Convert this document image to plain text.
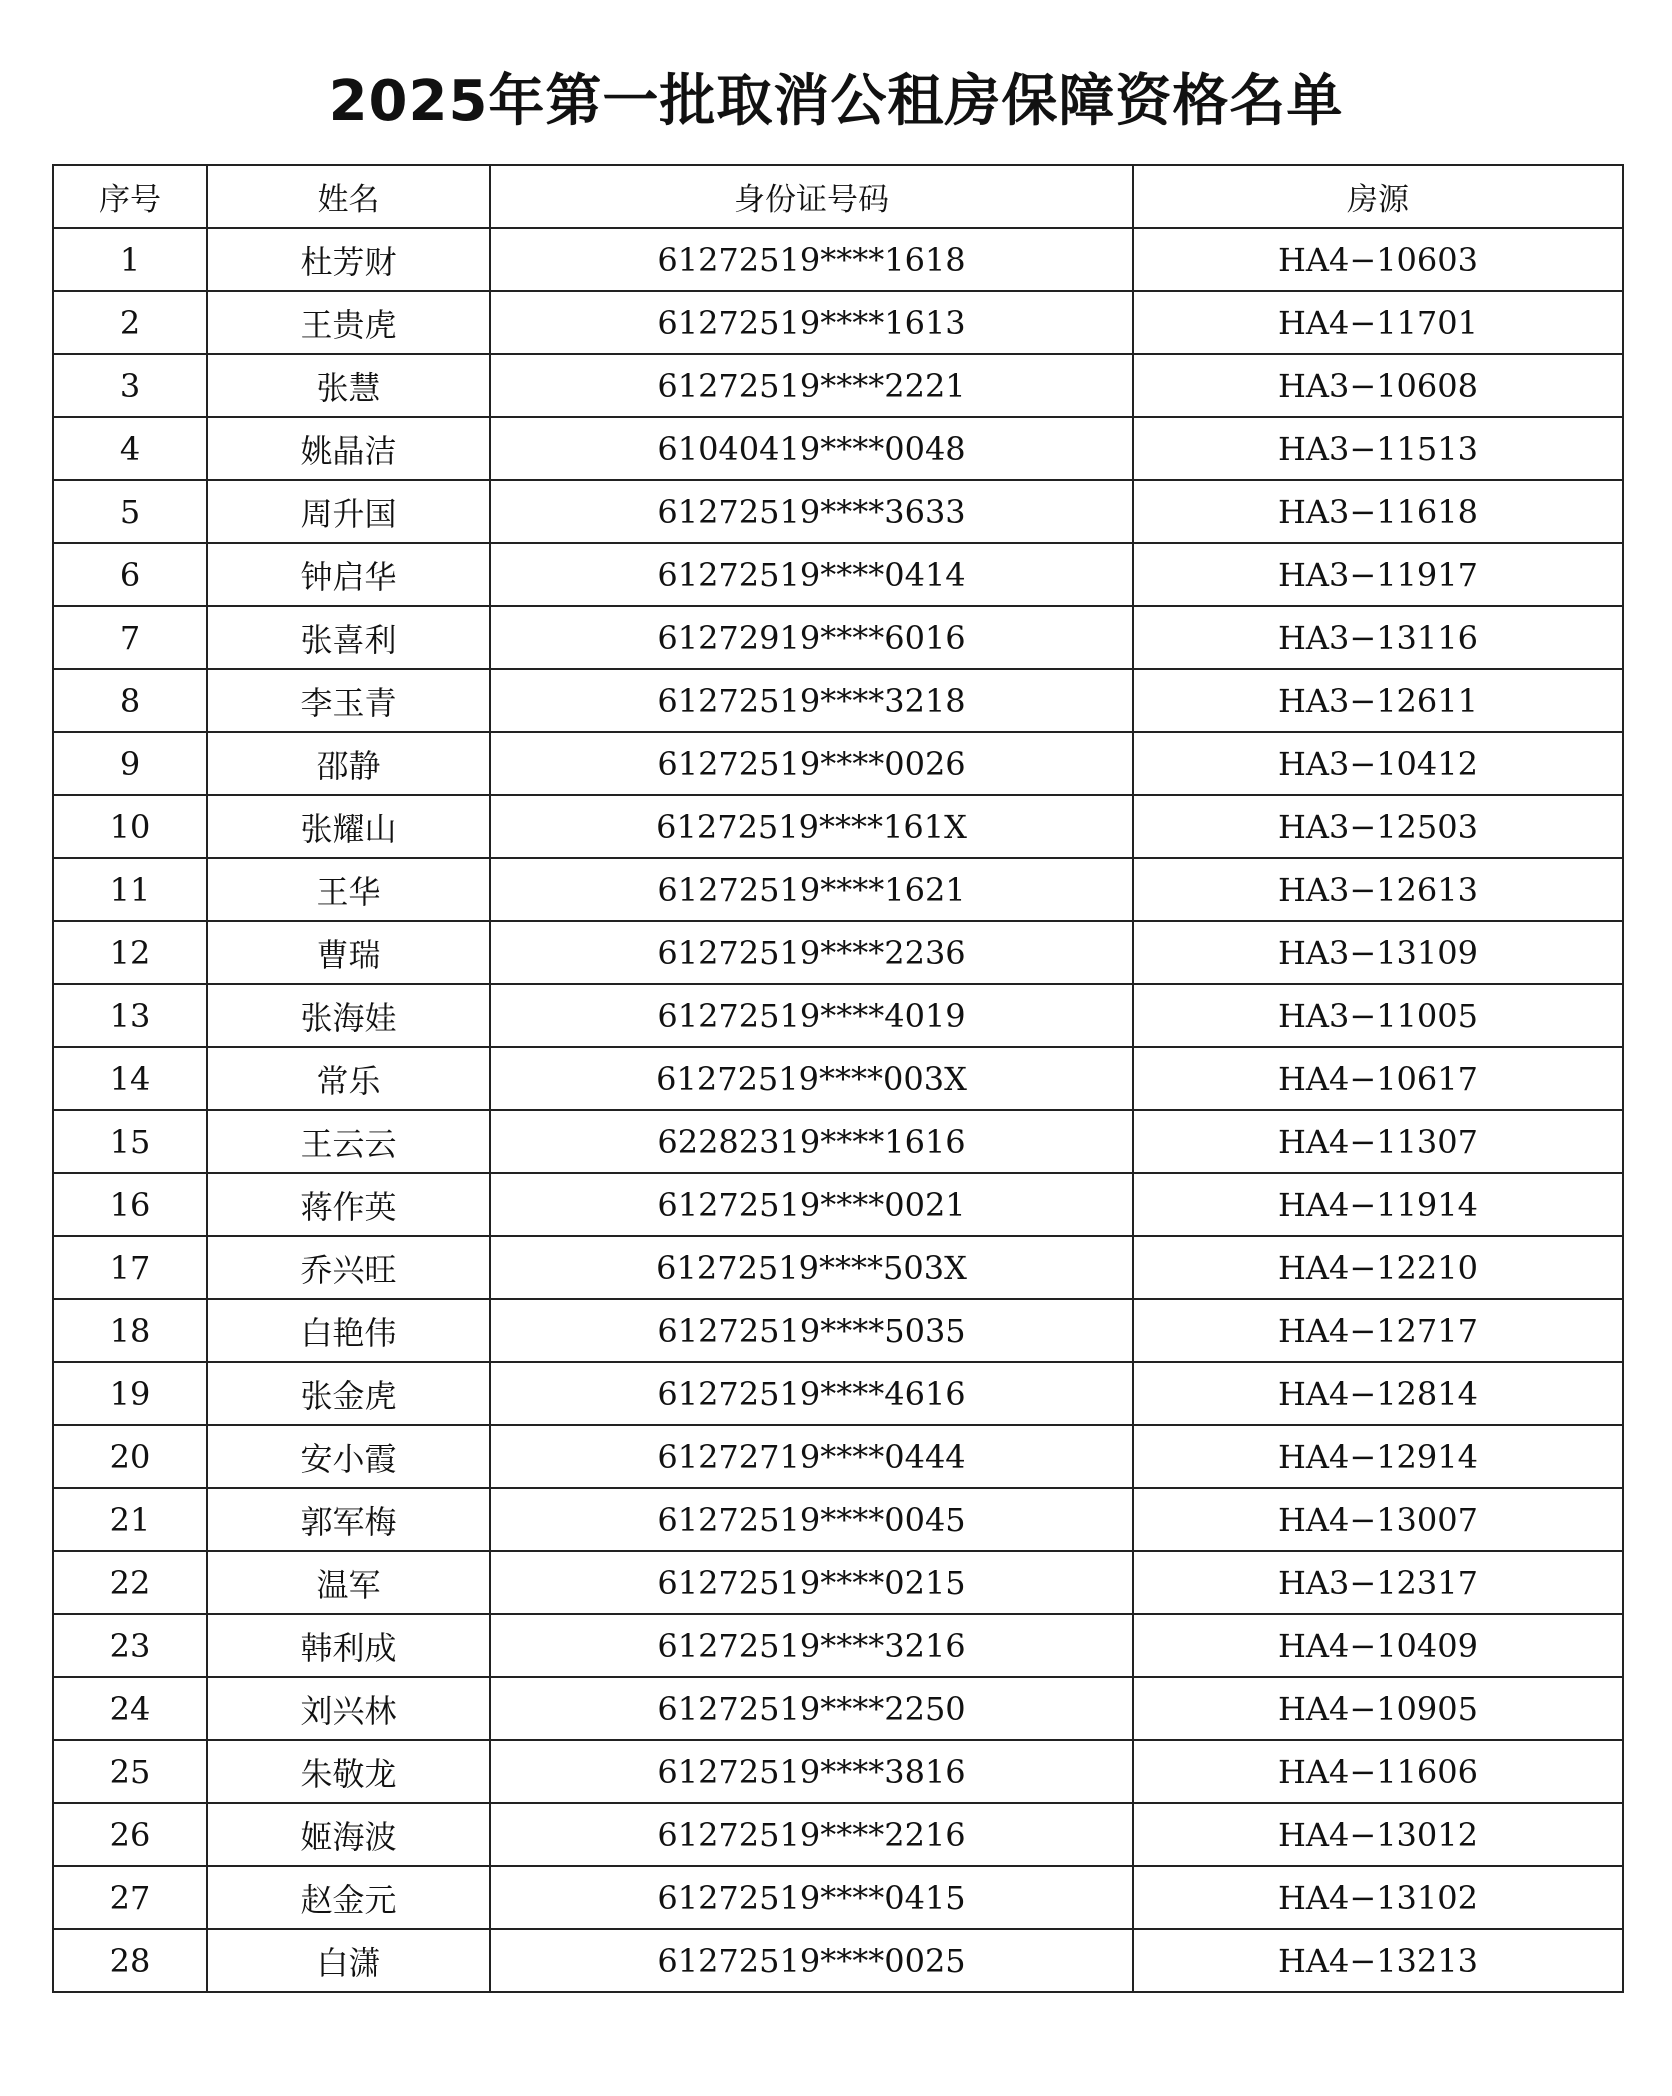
2025年第一批取消公租房保障资格名单
序号	姓名	身份证号码	房源
1	杜芳财	61272519****1618	HA4−10603
2	王贵虎	61272519****1613	HA4−11701
3	张慧	61272519****2221	HA3−10608
4	姚晶洁	61040419****0048	HA3−11513
5	周升国	61272519****3633	HA3−11618
6	钟启华	61272519****0414	HA3−11917
7	张喜利	61272919****6016	HA3−13116
8	李玉青	61272519****3218	HA3−12611
9	邵静	61272519****0026	HA3−10412
10	张耀山	61272519****161X	HA3−12503
11	王华	61272519****1621	HA3−12613
12	曹瑞	61272519****2236	HA3−13109
13	张海娃	61272519****4019	HA3−11005
14	常乐	61272519****003X	HA4−10617
15	王云云	62282319****1616	HA4−11307
16	蒋作英	61272519****0021	HA4−11914
17	乔兴旺	61272519****503X	HA4−12210
18	白艳伟	61272519****5035	HA4−12717
19	张金虎	61272519****4616	HA4−12814
20	安小霞	61272719****0444	HA4−12914
21	郭军梅	61272519****0045	HA4−13007
22	温军	61272519****0215	HA3−12317
23	韩利成	61272519****3216	HA4−10409
24	刘兴林	61272519****2250	HA4−10905
25	朱敬龙	61272519****3816	HA4−11606
26	姬海波	61272519****2216	HA4−13012
27	赵金元	61272519****0415	HA4−13102
28	白潇	61272519****0025	HA4−13213
